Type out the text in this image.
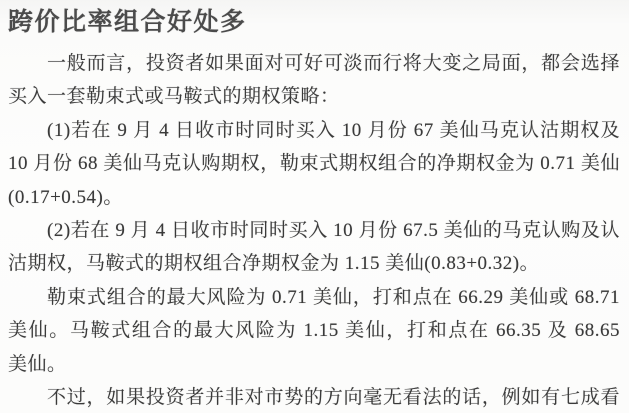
跨价比率组合好处多
一般而言，投资者如果面对可好可淡而行将大变之局面，都会选择
买入一套勒束式或马鞍式的期权策略：
(1)若在 9 月 4 日收市时同时买入 10 月份 67 美仙马克认沽期权及
10 月份 68 美仙马克认购期权，勒束式期权组合的净期权金为 0.71 美仙
(0.17+0.54)。
(2)若在 9 月 4 日收市时同时买入 10 月份 67.5 美仙的马克认购及认
沽期权，马鞍式的期权组合净期权金为 1.15 美仙(0.83+0.32)。
勒束式组合的最大风险为 0.71 美仙，打和点在 66.29 美仙或 68.71
美仙。马鞍式组合的最大风险为 1.15 美仙，打和点在 66.35 及 68.65
美仙。
不过，如果投资者并非对市势的方向毫无看法的话，例如有七成看
